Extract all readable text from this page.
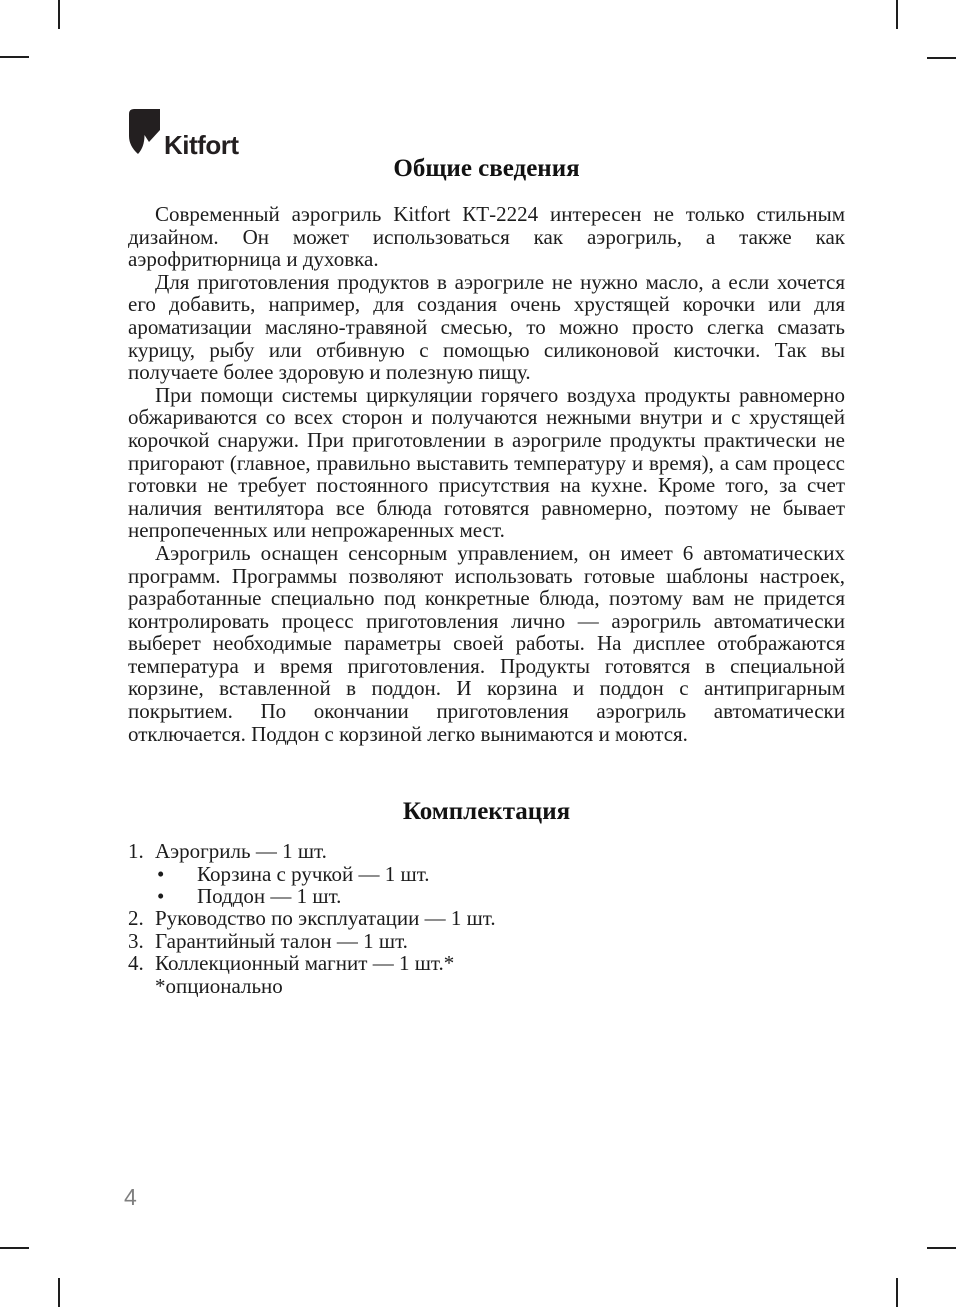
Kitfort
Общие сведения

Современный аэрогриль Kitfort КТ-2224 интересен не только стильным дизайном. Он может использоваться как аэрогриль, а также как аэрофритюрница и духовка.

Для приготовления продуктов в аэрогриле не нужно масло, а если хочется его добавить, например, для создания очень хрустящей корочки или для ароматизации масляно-травяной смесью, то можно просто слегка смазать курицу, рыбу или отбивную с помощью силиконовой кисточки. Так вы получаете более здоровую и полезную пищу.

При помощи системы циркуляции горячего воздуха продукты равномерно обжариваются со всех сторон и получаются нежными внутри и с хрустящей корочкой снаружи. При приготовлении в аэрогриле продукты практически не пригорают (главное, правильно выставить температуру и время), а сам процесс готовки не требует постоянного присутствия на кухне. Кроме того, за счет наличия вентилятора все блюда готовятся равномерно, поэтому не бывает непропеченных или непрожаренных мест.

Аэрогриль оснащен сенсорным управлением, он имеет 6 автоматических программ. Программы позволяют использовать готовые шаблоны настроек, разработанные специально под конкретные блюда, поэтому вам не придется контролировать процесс приготовления лично — аэрогриль автоматически выберет необходимые параметры своей работы. На дисплее отображаются температура и время приготовления. Продукты готовятся в специальной корзине, вставленной в поддон. И корзина и поддон с антипригарным покрытием. По окончании приготовления аэрогриль автоматически отключается. Поддон с корзиной легко вынимаются и моются.

Комплектация
1. Аэрогриль — 1 шт.
•	Корзина с ручкой — 1 шт.
•	Поддон — 1 шт.
2. Руководство по эксплуатации — 1 шт.
3. Гарантийный талон — 1 шт.
4. Коллекционный магнит — 1 шт.*
*опционально
4
